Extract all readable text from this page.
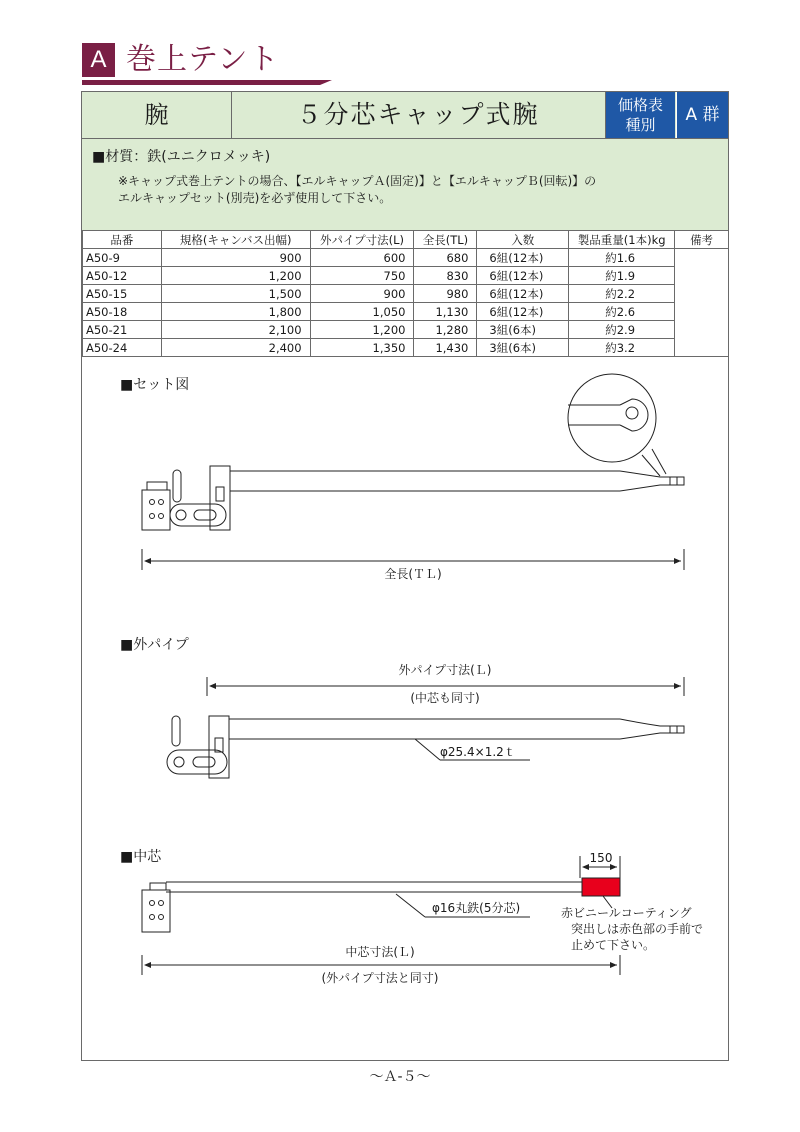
A 巻上テント
腕	５分芯キャップ式腕	価格表
種別	A 群
■材質：鉄(ユニクロメッキ)
※キャップ式巻上テントの場合、【エルキャップＡ(固定)】と【エルキャップＢ(回転)】の
エルキャップセット(別売)を必ず使用して下さい。
品番	規格(キャンバス出幅)	外パイプ寸法(L)	全長(TL)	入数	製品重量(1本)kg	備考
A50-9	900	600	680	6組(12本)	約1.6	
A50-12	1,200	750	830	6組(12本)	約1.9	
A50-15	1,500	900	980	6組(12本)	約2.2	
A50-18	1,800	1,050	1,130	6組(12本)	約2.6	
A50-21	2,100	1,200	1,280	3組(6本)	約2.9	
A50-24	2,400	1,350	1,430	3組(6本)	約3.2	
■セット図
全長(ＴＬ)
■外パイプ
外パイプ寸法(Ｌ)
(中芯も同寸)
φ25.4×1.2ｔ
■中芯	150
φ16丸鉄(5分芯)	赤ビニールコーティング
突出しは赤色部の手前で
止めて下さい。
中芯寸法(Ｌ)
(外パイプ寸法と同寸)
～Ａ-５～
